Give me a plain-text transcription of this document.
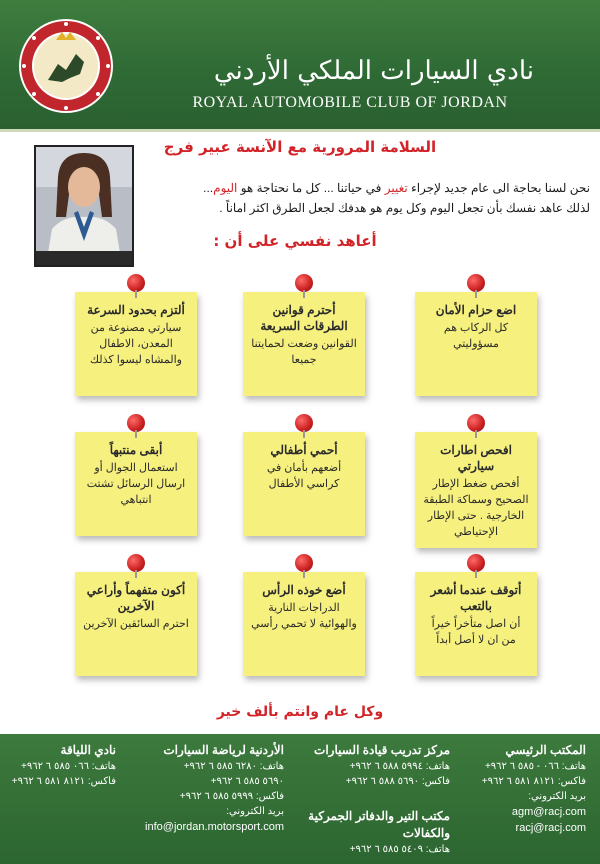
نادي السيارات الملكي الأردني
ROYAL AUTOMOBILE CLUB OF JORDAN
السلامة المرورية مع الآنسة عبير فرج
نحن لسنا بحاجة الى عام جديد لإجراء تغيير في حياتنا ... كل ما نحتاجة هو اليوم...
لذلك عاهد نفسك بأن تجعل اليوم وكل يوم هو هدفك لجعل الطرق اكثر اماناً .
أعاهد نفسي على أن :
اضع حزام الأمان
كل الركاب هم مسؤوليتي
أحترم قوانين الطرقات السريعة
القوانين وضعت لحمايتنا جميعا
ألتزم بحدود السرعة
سيارتي مصنوعة من المعدن، الاطفال والمشاه ليسوا كذلك
افحص اطارات سيارتي
أفحص ضغط الإطار الصحيح وسماكة الطبقة الخارجية . حتى الإطار الإحتياطي
أحمي أطفالي
أضعهم بأمان في كراسي الأطفال
أبقى منتبهاً
استعمال الجوال أو ارسال الرسائل تشتت انتباهي
أتوقف عندما أشعر بالتعب
أن اصل متأخراً خيراً من ان لا أصل أبداً
أضع خوذه الرأس
الدراجات النارية والهوائية لا تحمي رأسي
أكون متفهماً وأراعي الآخرين
احترم السائقين الآخرين
وكل عام وانتم بألف خير
المكتب الرئيسي
هاتف: ٠٦٦ - ٥٨٥ ٦ ٩٦٢+
فاكس: ٨١٢١ ٥٨١ ٦ ٩٦٢+
بريد الكتروني:
agm@racj.com
racj@racj.com
مركز تدريب قيادة السيارات
هاتف: ٥٩٩٤ ٥٨٨ ٦ ٩٦٢+
فاكس: ٥٦٩٠ ٥٨٨ ٦ ٩٦٢+
مكتب التير والدفاتر الجمركية والكفالات
هاتف: ٥٤٠٩ ٥٨٥ ٦ ٩٦٢+
الأردنية لرياضة السيارات
هاتف: ٦٢٨٠ ٥٨٥ ٦ ٩٦٢+
٥٦٩٠ ٥٨٥ ٦ ٩٦٢+
فاكس: ٥٩٩٩ ٥٨٥ ٦ ٩٦٢+
بريد الكتروني:
info@jordan.motorsport.com
نادي اللياقة
هاتف: ٠٦٦ ٥٨٥ ٦ ٩٦٢+
فاكس: ٨١٢١ ٥٨١ ٦ ٩٦٢+
